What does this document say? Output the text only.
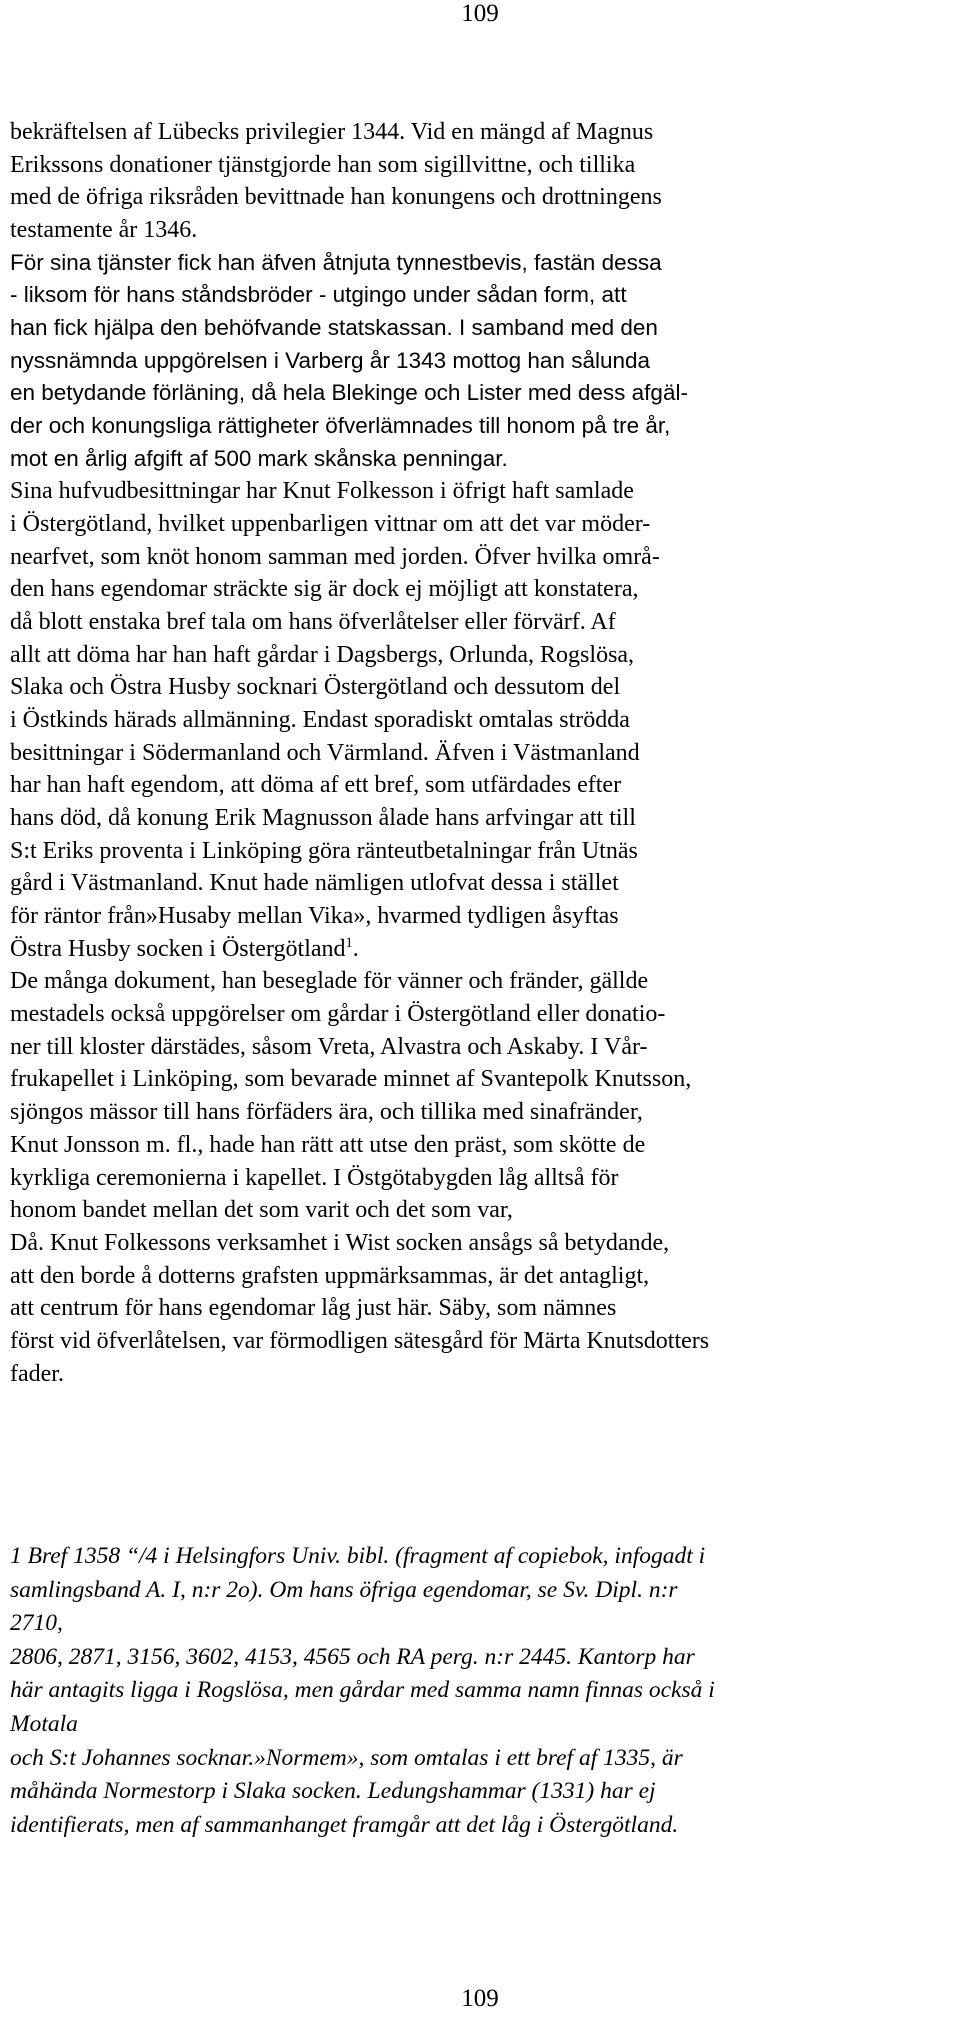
109
bekräftelsen af Lübecks privilegier 1344. Vid en mängd af Magnus
Erikssons donationer tjänstgjorde han som sigillvittne, och tillika
med de öfriga riksråden bevittnade han konungens och drottningens
testamente år 1346.
För sina tjänster fick han äfven åtnjuta tynnestbevis, fastän dessa
- liksom för hans ståndsbröder - utgingo under sådan form, att
han fick hjälpa den behöfvande statskassan. I samband med den
nyssnämnda uppgörelsen i Varberg år 1343 mottog han sålunda
en betydande förläning, då hela Blekinge och Lister med dess afgäl-
der och konungsliga rättigheter öfverlämnades till honom på tre år,
mot en årlig afgift af 500 mark skånska penningar.
Sina hufvudbesittningar har Knut Folkesson i öfrigt haft samlade
i Östergötland, hvilket uppenbarligen vittnar om att det var möder-
nearfvet, som knöt honom samman med jorden. Öfver hvilka områ-
den hans egendomar sträckte sig är dock ej möjligt att konstatera,
då blott enstaka bref tala om hans öfverlåtelser eller förvärf. Af
allt att döma har han haft gårdar i Dagsbergs, Orlunda, Rogslösa,
Slaka och Östra Husby socknari Östergötland och dessutom del
i Östkinds härads allmänning. Endast sporadiskt omtalas strödda
besittningar i Södermanland och Värmland. Äfven i Västmanland
har han haft egendom, att döma af ett bref, som utfärdades efter
hans död, då konung Erik Magnusson ålade hans arfvingar att till
S:t Eriks proventa i Linköping göra ränteutbetalningar från Utnäs
gård i Västmanland. Knut hade nämligen utlofvat dessa i stället
för räntor från»Husaby mellan Vika», hvarmed tydligen åsyftas
Östra Husby socken i Östergötland$^1$.
De många dokument, han beseglade för vänner och fränder, gällde
mestadels också uppgörelser om gårdar i Östergötland eller donatio-
ner till kloster därstädes, såsom Vreta, Alvastra och Askaby. I Vår-
frukapellet i Linköping, som bevarade minnet af Svantepolk Knutsson,
sjöngos mässor till hans förfäders ära, och tillika med sinafränder,
Knut Jonsson m. fl., hade han rätt att utse den präst, som skötte de
kyrkliga ceremonierna i kapellet. I Östgötabygden låg alltså för
honom bandet mellan det som varit och det som var,
Då. Knut Folkessons verksamhet i Wist socken ansågs så betydande,
att den borde å dotterns grafsten uppmärksammas, är det antagligt,
att centrum för hans egendomar låg just här. Säby, som nämnes
först vid öfverlåtelsen, var förmodligen sätesgård för Märta Knutsdotters
fader.
1 Bref 1358 “/4 i Helsingfors Univ. bibl. (fragment af copiebok, infogadt i
samlingsband A. I, n:r 2o). Om hans öfriga egendomar, se Sv. Dipl. n:r
2710,
2806, 2871, 3156, 3602, 4153, 4565 och RA perg. n:r 2445. Kantorp har
här antagits ligga i Rogslösa, men gårdar med samma namn finnas också i
Motala
och S:t Johannes socknar.»Normem», som omtalas i ett bref af 1335, är
måhända Normestorp i Slaka socken. Ledungshammar (1331) har ej
identifierats, men af sammanhanget framgår att det låg i Östergötland.
109
